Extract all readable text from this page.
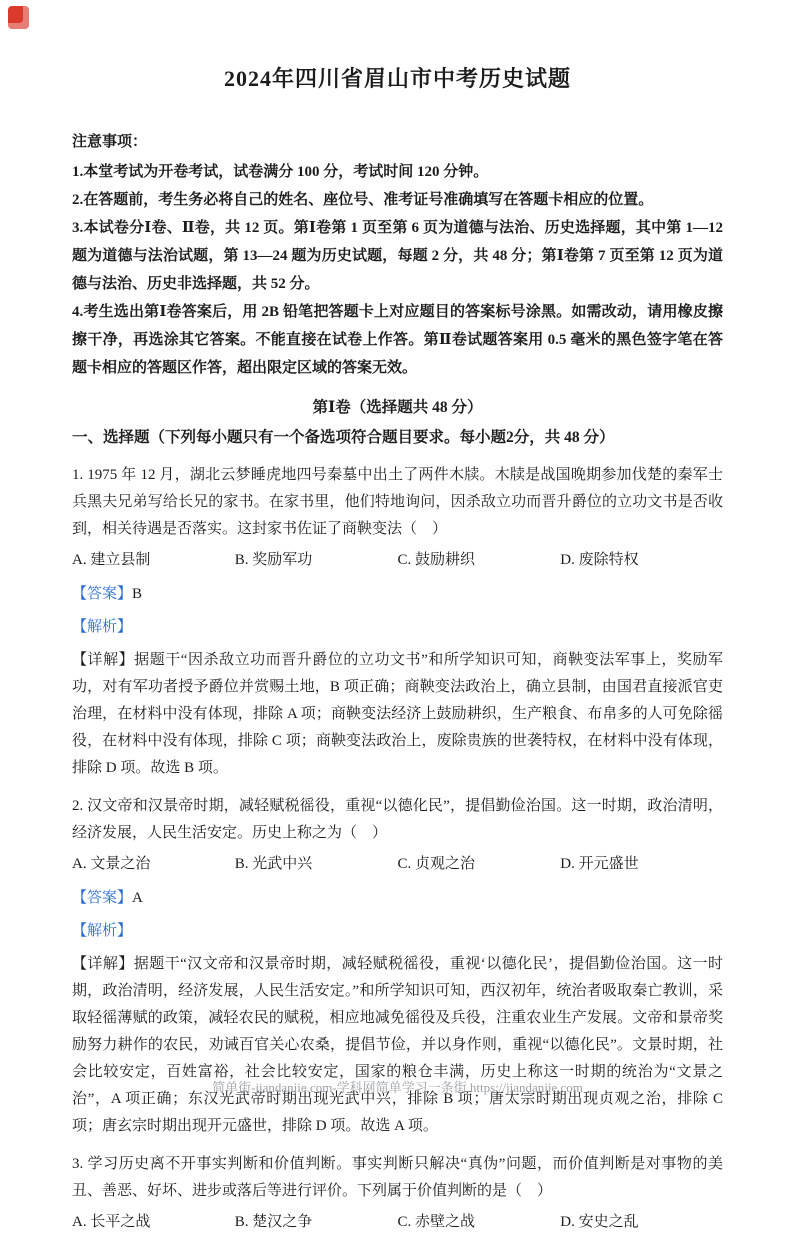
2024年四川省眉山市中考历史试题

注意事项：

1.本堂考试为开卷考试，试卷满分 100 分，考试时间 120 分钟。

2.在答题前，考生务必将自己的姓名、座位号、准考证号准确填写在答题卡相应的位置。

3.本试卷分Ⅰ卷、Ⅱ卷，共 12 页。第Ⅰ卷第 1 页至第 6 页为道德与法治、历史选择题，其中第 1—12 题为道德与法治试题，第 13—24 题为历史试题，每题 2 分，共 48 分；第Ⅰ卷第 7 页至第 12 页为道德与法治、历史非选择题，共 52 分。

4.考生选出第Ⅰ卷答案后，用 2B 铅笔把答题卡上对应题目的答案标号涂黑。如需改动，请用橡皮擦擦干净，再选涂其它答案。不能直接在试卷上作答。第Ⅱ卷试题答案用 0.5 毫米的黑色签字笔在答题卡相应的答题区作答，超出限定区域的答案无效。

第Ⅰ卷（选择题共 48 分）

一、选择题（下列每小题只有一个备选项符合题目要求。每小题2分，共 48 分）

1. 1975 年 12 月，湖北云梦睡虎地四号秦墓中出土了两件木牍。木牍是战国晚期参加伐楚的秦军士兵黑夫兄弟写给长兄的家书。在家书里，他们特地询问，因杀敌立功而晋升爵位的立功文书是否收到，相关待遇是否落实。这封家书佐证了商鞅变法（　）

A. 建立县制	B. 奖励军功	C. 鼓励耕织	D. 废除特权

【答案】B

【解析】

【详解】据题干“因杀敌立功而晋升爵位的立功文书”和所学知识可知，商鞅变法军事上，奖励军功，对有军功者授予爵位并赏赐土地，B 项正确；商鞅变法政治上，确立县制，由国君直接派官吏治理，在材料中没有体现，排除 A 项；商鞅变法经济上鼓励耕织，生产粮食、布帛多的人可免除徭役，在材料中没有体现，排除 C 项；商鞅变法政治上，废除贵族的世袭特权，在材料中没有体现，排除 D 项。故选 B 项。

2. 汉文帝和汉景帝时期，减轻赋税徭役，重视“以德化民”，提倡勤俭治国。这一时期，政治清明，经济发展，人民生活安定。历史上称之为（　）

A. 文景之治	B. 光武中兴	C. 贞观之治	D. 开元盛世

【答案】A

【解析】

【详解】据题干“汉文帝和汉景帝时期，减轻赋税徭役，重视‘以德化民’，提倡勤俭治国。这一时期，政治清明，经济发展，人民生活安定。”和所学知识可知，西汉初年，统治者吸取秦亡教训，采取轻徭薄赋的政策，减轻农民的赋税，相应地减免徭役及兵役，注重农业生产发展。文帝和景帝奖励努力耕作的农民，劝诫百官关心农桑，提倡节俭，并以身作则，重视“以德化民”。文景时期，社会比较安定，百姓富裕，社会比较安定，国家的粮仓丰满，历史上称这一时期的统治为“文景之治”，A 项正确；东汉光武帝时期出现光武中兴，排除 B 项；唐太宗时期出现贞观之治，排除 C 项；唐玄宗时期出现开元盛世，排除 D 项。故选 A 项。

3. 学习历史离不开事实判断和价值判断。事实判断只解决“真伪”问题，而价值判断是对事物的美丑、善恶、好坏、进步或落后等进行评价。下列属于价值判断的是（　）

A. 长平之战	B. 楚汉之争	C. 赤壁之战	D. 安史之乱
简单街-jiandanjie.com-学科网简单学习一条街 https://jiandanjie.com
